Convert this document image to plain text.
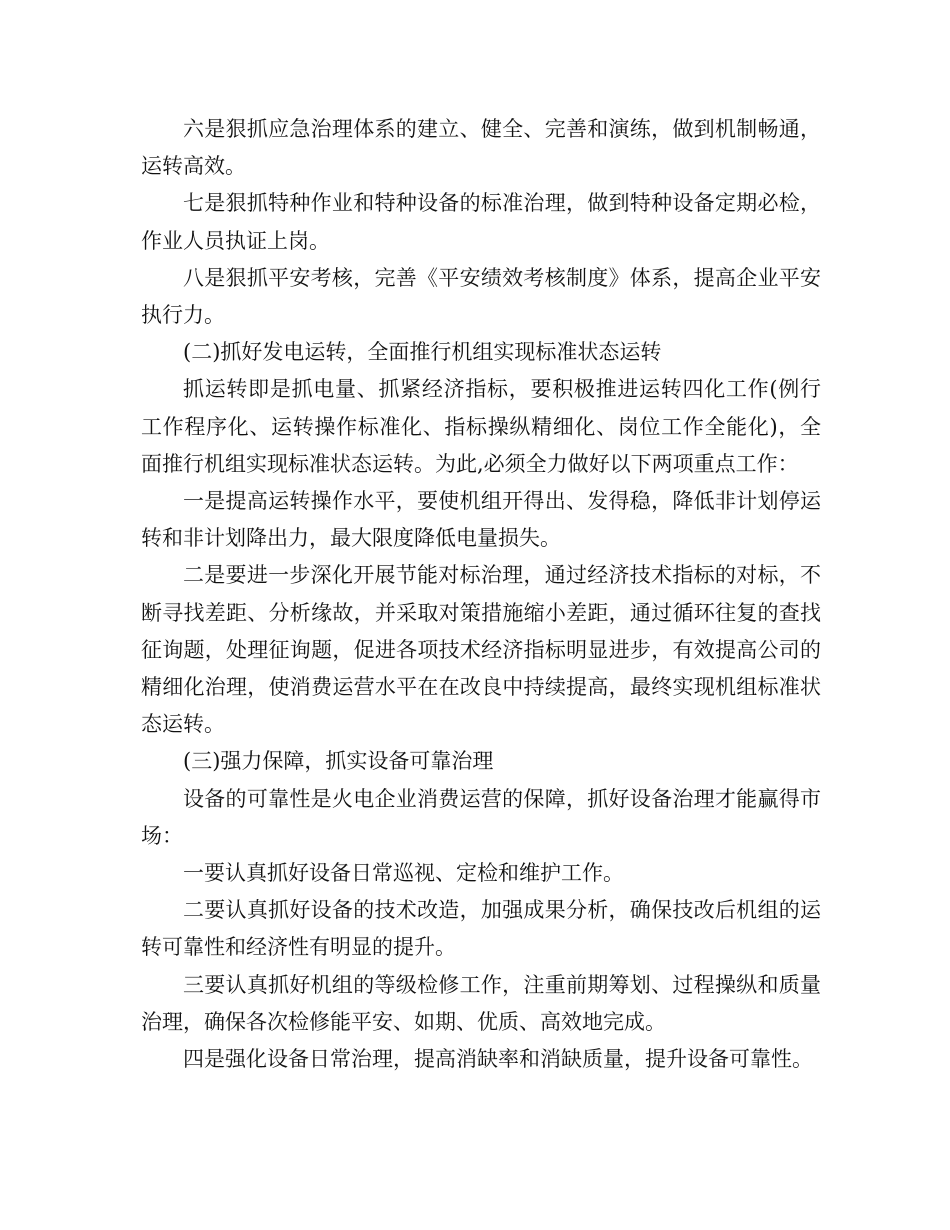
六是狠抓应急治理体系的建立、健全、完善和演练，做到机制畅通，运转高效。

七是狠抓特种作业和特种设备的标准治理，做到特种设备定期必检，作业人员执证上岗。

八是狠抓平安考核，完善《平安绩效考核制度》体系，提高企业平安执行力。

(二)抓好发电运转，全面推行机组实现标准状态运转

抓运转即是抓电量、抓紧经济指标，要积极推进运转四化工作(例行工作程序化、运转操作标准化、指标操纵精细化、岗位工作全能化)，全面推行机组实现标准状态运转。为此,必须全力做好以下两项重点工作：

一是提高运转操作水平，要使机组开得出、发得稳，降低非计划停运转和非计划降出力，最大限度降低电量损失。

二是要进一步深化开展节能对标治理，通过经济技术指标的对标，不断寻找差距、分析缘故，并采取对策措施缩小差距，通过循环往复的查找征询题，处理征询题，促进各项技术经济指标明显进步，有效提高公司的精细化治理，使消费运营水平在在改良中持续提高，最终实现机组标准状态运转。

(三)强力保障，抓实设备可靠治理

设备的可靠性是火电企业消费运营的保障，抓好设备治理才能赢得市场：

一要认真抓好设备日常巡视、定检和维护工作。

二要认真抓好设备的技术改造，加强成果分析，确保技改后机组的运转可靠性和经济性有明显的提升。

三要认真抓好机组的等级检修工作，注重前期筹划、过程操纵和质量治理，确保各次检修能平安、如期、优质、高效地完成。

四是强化设备日常治理，提高消缺率和消缺质量，提升设备可靠性。
